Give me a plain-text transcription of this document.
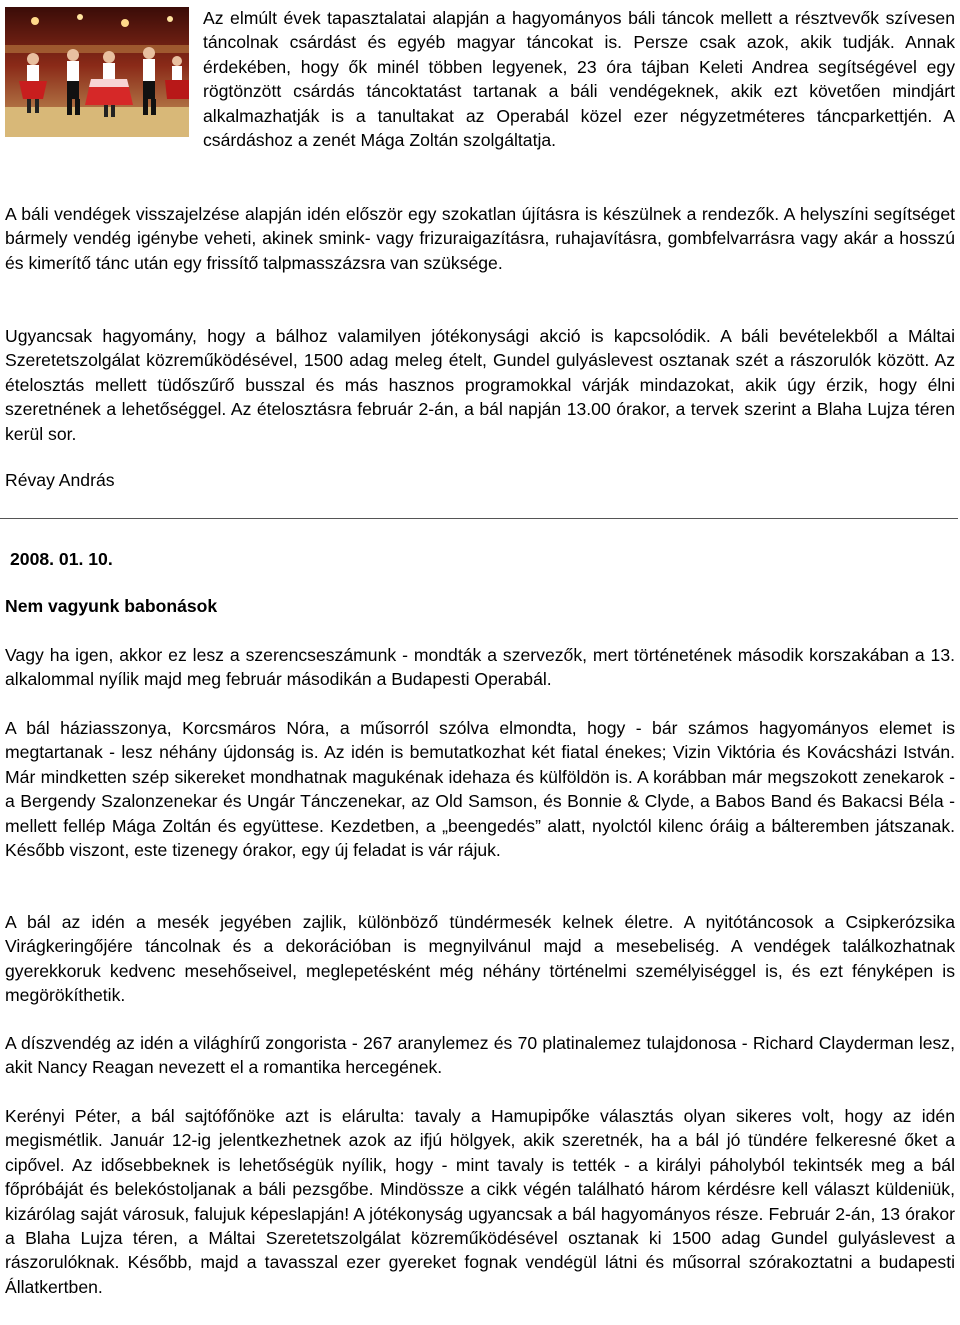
Az elmúlt évek tapasztalatai alapján a hagyományos báli táncok mellett a résztvevők szívesen táncolnak csárdást és egyéb magyar táncokat is. Persze csak azok, akik tudják. Annak érdekében, hogy ők minél többen legyenek, 23 óra tájban Keleti Andrea segítségével egy rögtönzött csárdás táncoktatást tartanak a báli vendégeknek, akik ezt követően mindjárt alkalmazhatják is a tanultakat az Operabál közel ezer négyzetméteres táncparkettjén. A csárdáshoz a zenét Mága Zoltán szolgáltatja.

A báli vendégek visszajelzése alapján idén először egy szokatlan újításra is készülnek a rendezők. A helyszíni segítséget bármely vendég igénybe veheti, akinek smink- vagy frizuraigazításra, ruhajavításra, gombfelvarrásra vagy akár a hosszú és kimerítő tánc után egy frissítő talpmasszázsra van szüksége.

Ugyancsak hagyomány, hogy a bálhoz valamilyen jótékonysági akció is kapcsolódik. A báli bevételekből a Máltai Szeretetszolgálat közreműködésével, 1500 adag meleg ételt, Gundel gulyáslevest osztanak szét a rászorulók között. Az ételosztás mellett tüdőszűrő busszal és más hasznos programokkal várják mindazokat, akik úgy érzik, hogy élni szeretnének a lehetőséggel. Az ételosztásra február 2-án, a bál napján 13.00 órakor, a tervek szerint a Blaha Lujza téren kerül sor.

Révay András

2008. 01. 10.

Nem vagyunk babonások

Vagy ha igen, akkor ez lesz a szerencseszámunk - mondták a szervezők, mert történetének második korszakában a 13. alkalommal nyílik majd meg február másodikán a Budapesti Operabál.

A bál háziasszonya, Korcsmáros Nóra, a műsorról szólva elmondta, hogy - bár számos hagyományos elemet is megtartanak - lesz néhány újdonság is. Az idén is bemutatkozhat két fiatal énekes; Vizin Viktória és Kovácsházi István. Már mindketten szép sikereket mondhatnak magukénak idehaza és külföldön is. A korábban már megszokott zenekarok - a Bergendy Szalonzenekar és Ungár Tánczenekar, az Old Samson, és Bonnie & Clyde, a Babos Band és Bakacsi Béla - mellett fellép Mága Zoltán és együttese. Kezdetben, a „beengedés” alatt, nyolctól kilenc óráig a bálteremben játszanak. Később viszont, este tizenegy órakor, egy új feladat is vár rájuk.

A bál az idén a mesék jegyében zajlik, különböző tündérmesék kelnek életre. A nyitótáncosok a Csipkerózsika Virágkeringőjére táncolnak és a dekorációban is megnyilvánul majd a mesebeliség. A vendégek találkozhatnak gyerekkoruk kedvenc mesehőseivel, meglepetésként még néhány történelmi személyiséggel is, és ezt fényképen is megörökíthetik.

A díszvendég az idén a világhírű zongorista - 267 aranylemez és 70 platinalemez tulajdonosa - Richard Clayderman lesz, akit Nancy Reagan nevezett el a romantika hercegének.

Kerényi Péter, a bál sajtófőnöke azt is elárulta: tavaly a Hamupipőke választás olyan sikeres volt, hogy az idén megismétlik. Január 12-ig jelentkezhetnek azok az ifjú hölgyek, akik szeretnék, ha a bál jó tündére felkeresné őket a cipővel. Az idősebbeknek is lehetőségük nyílik, hogy - mint tavaly is tették - a királyi páholyból tekintsék meg a bál főpróbáját és belekóstoljanak a báli pezsgőbe. Mindössze a cikk végén található három kérdésre kell választ küldeniük, kizárólag saját városuk, falujuk képeslapján! A jótékonyság ugyancsak a bál hagyományos része. Február 2-án, 13 órakor a Blaha Lujza téren, a Máltai Szeretetszolgálat közreműködésével osztanak ki 1500 adag Gundel gulyáslevest a rászorulóknak. Később, majd a tavasszal ezer gyereket fognak vendégül látni és műsorral szórakoztatni a budapesti Állatkertben.
